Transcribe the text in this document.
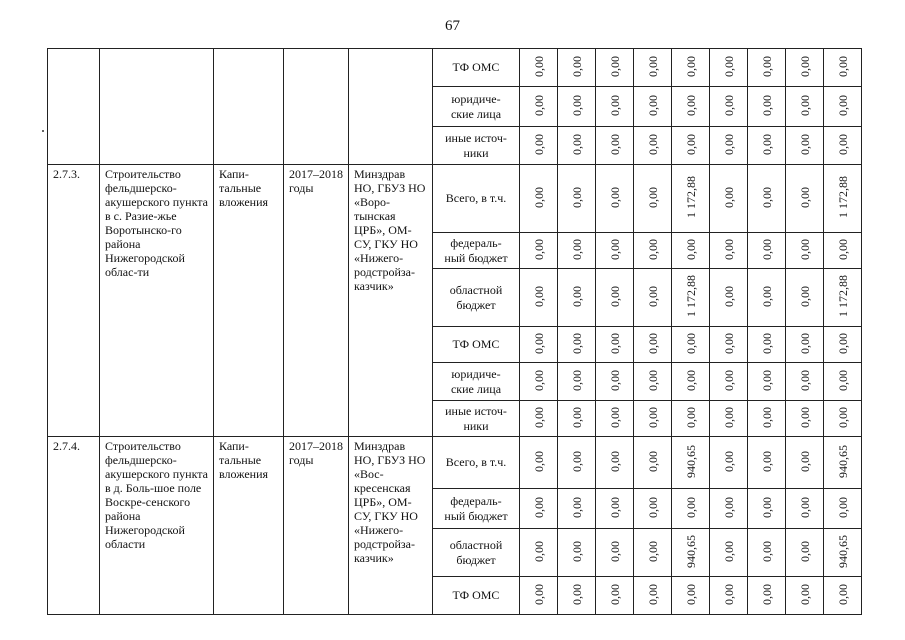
67
					ТФ ОМС	0,00	0,00	0,00	0,00	0,00	0,00	0,00	0,00	0,00
					юридиче-
ские лица	0,00	0,00	0,00	0,00	0,00	0,00	0,00	0,00	0,00
					иные источ-
ники	0,00	0,00	0,00	0,00	0,00	0,00	0,00	0,00	0,00
2.7.3.	Строительство фельдшерско-акушерского пункта в с. Разие-жье Воротынско-го района Нижегородской облас-ти	Капи-тальные вложения	2017–2018 годы	Минздрав НО, ГБУЗ НО «Воро-тынская ЦРБ», ОМ-СУ, ГКУ НО «Нижего-родстройза-казчик»	Всего, в т.ч.	0,00	0,00	0,00	0,00	1 172,88	0,00	0,00	0,00	1 172,88
					федераль-
ный бюджет	0,00	0,00	0,00	0,00	0,00	0,00	0,00	0,00	0,00
					областной
бюджет	0,00	0,00	0,00	0,00	1 172,88	0,00	0,00	0,00	1 172,88
					ТФ ОМС	0,00	0,00	0,00	0,00	0,00	0,00	0,00	0,00	0,00
					юридиче-
ские лица	0,00	0,00	0,00	0,00	0,00	0,00	0,00	0,00	0,00
					иные источ-
ники	0,00	0,00	0,00	0,00	0,00	0,00	0,00	0,00	0,00
2.7.4.	Строительство фельдшерско-акушерского пункта в д. Боль-шое поле Воскре-сенского района Нижегородской области	Капи-тальные вложения	2017–2018 годы	Минздрав НО, ГБУЗ НО «Вос-кресенская ЦРБ», ОМ-СУ, ГКУ НО «Нижего-родстройза-казчик»	Всего, в т.ч.	0,00	0,00	0,00	0,00	940,65	0,00	0,00	0,00	940,65
					федераль-
ный бюджет	0,00	0,00	0,00	0,00	0,00	0,00	0,00	0,00	0,00
					областной
бюджет	0,00	0,00	0,00	0,00	940,65	0,00	0,00	0,00	940,65
					ТФ ОМС	0,00	0,00	0,00	0,00	0,00	0,00	0,00	0,00	0,00
